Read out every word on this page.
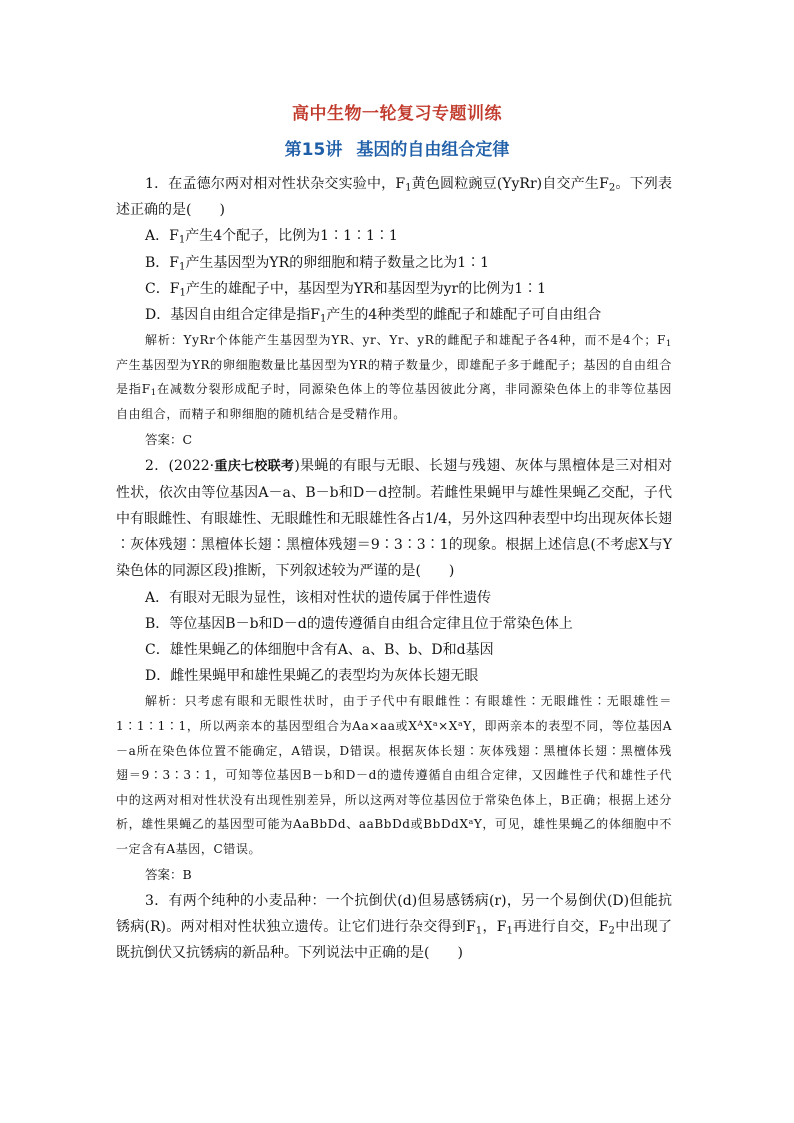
高中生物一轮复习专题训练
第15讲 基因的自由组合定律
1．在孟德尔两对相对性状杂交实验中，$F_1$黄色圆粒豌豆(YyRr)自交产生$F_2$。下列表述正确的是(　　)
A．$F_1$产生4个配子，比例为1∶1∶1∶1
B．$F_1$产生基因型为YR的卵细胞和精子数量之比为1∶1
C．$F_1$产生的雄配子中，基因型为YR和基因型为yr的比例为1∶1
D．基因自由组合定律是指$F_1$产生的4种类型的雌配子和雄配子可自由组合
解析：YyRr个体能产生基因型为YR、yr、Yr、yR的雌配子和雄配子各4种，而不是4个；$F_1$产生基因型为YR的卵细胞数量比基因型为YR的精子数量少，即雄配子多于雌配子；基因的自由组合是指$F_1$在减数分裂形成配子时，同源染色体上的等位基因彼此分离，非同源染色体上的非等位基因自由组合，而精子和卵细胞的随机结合是受精作用。
答案：C
2．(2022·重庆七校联考)果蝇的有眼与无眼、长翅与残翅、灰体与黑檀体是三对相对性状，依次由等位基因A－a、B－b和D－d控制。若雌性果蝇甲与雄性果蝇乙交配，子代中有眼雌性、有眼雄性、无眼雌性和无眼雄性各占1/4，另外这四种表型中均出现灰体长翅∶灰体残翅∶黑檀体长翅∶黑檀体残翅＝9∶3∶3∶1的现象。根据上述信息(不考虑X与Y染色体的同源区段)推断，下列叙述较为严谨的是(　　)
A．有眼对无眼为显性，该相对性状的遗传属于伴性遗传
B．等位基因B－b和D－d的遗传遵循自由组合定律且位于常染色体上
C．雄性果蝇乙的体细胞中含有A、a、B、b、D和d基因
D．雌性果蝇甲和雄性果蝇乙的表型均为灰体长翅无眼
解析：只考虑有眼和无眼性状时，由于子代中有眼雌性∶有眼雄性∶无眼雌性∶无眼雄性＝1∶1∶1∶1，所以两亲本的基因型组合为Aa×aa或$X^AX^a\times X^aY$，即两亲本的表型不同，等位基因A－a所在染色体位置不能确定，A错误，D错误。根据灰体长翅∶灰体残翅∶黑檀体长翅∶黑檀体残翅＝9∶3∶3∶1，可知等位基因B－b和D－d的遗传遵循自由组合定律，又因雌性子代和雄性子代中的这两对相对性状没有出现性别差异，所以这两对等位基因位于常染色体上，B正确；根据上述分析，雄性果蝇乙的基因型可能为AaBbDd、aaBbDd或BbDdX$^a$Y，可见，雄性果蝇乙的体细胞中不一定含有A基因，C错误。
答案：B
3．有两个纯种的小麦品种：一个抗倒伏(d)但易感锈病(r)，另一个易倒伏(D)但能抗锈病(R)。两对相对性状独立遗传。让它们进行杂交得到$F_1$，$F_1$再进行自交，$F_2$中出现了既抗倒伏又抗锈病的新品种。下列说法中正确的是(　　)
